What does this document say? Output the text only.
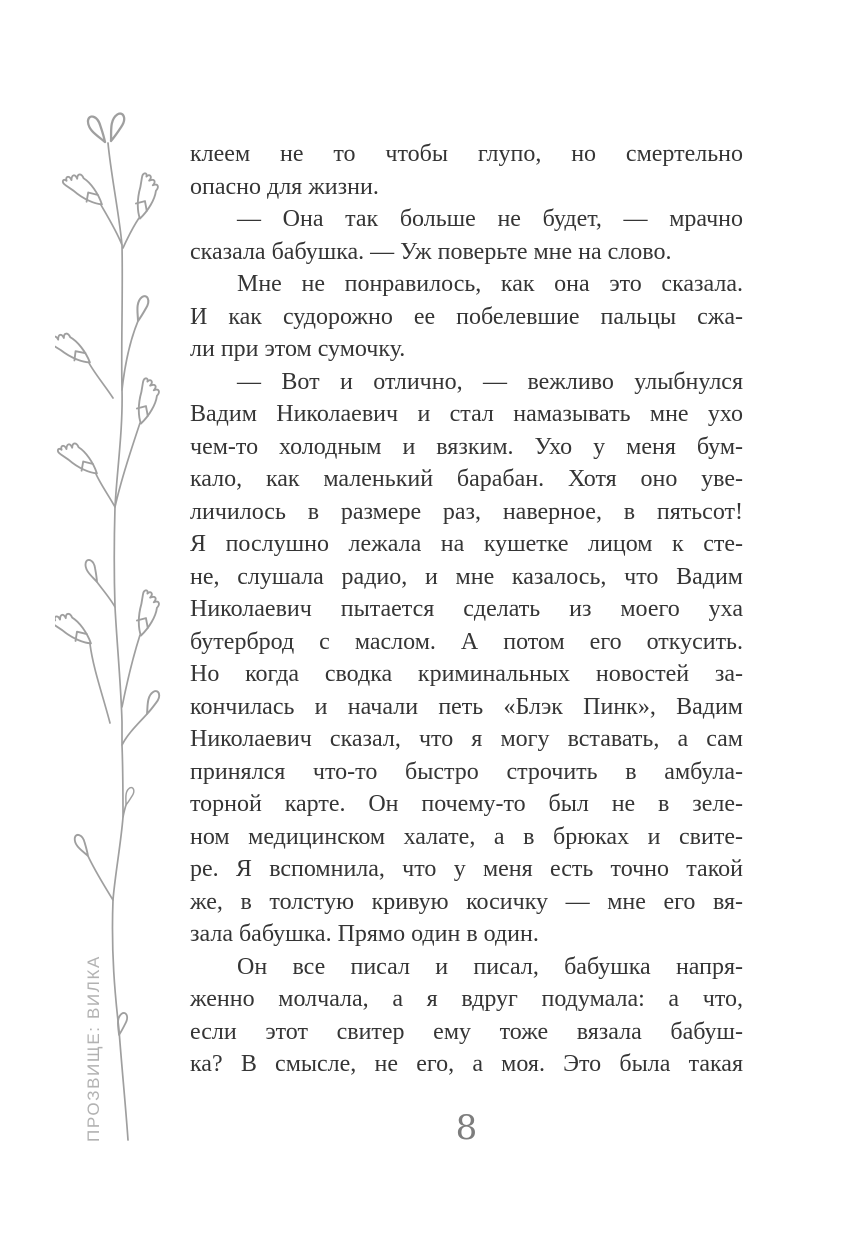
ПРОЗВИЩЕ: ВИЛКА
клеем не то чтобы глупо, но смертельно
опасно для жизни.
— Она так больше не будет, — мрачно
сказала бабушка. — Уж поверьте мне на слово.
Мне не понравилось, как она это сказала.
И как судорожно ее побелевшие пальцы сжа-
ли при этом сумочку.
— Вот и отлично, — вежливо улыбнулся
Вадим Николаевич и стал намазывать мне ухо
чем-то холодным и вязким. Ухо у меня бум-
кало, как маленький барабан. Хотя оно уве-
личилось в размере раз, наверное, в пятьсот!
Я послушно лежала на кушетке лицом к сте-
не, слушала радио, и мне казалось, что Вадим
Николаевич пытается сделать из моего уха
бутерброд с маслом. А потом его откусить.
Но когда сводка криминальных новостей за-
кончилась и начали петь «Блэк Пинк», Вадим
Николаевич сказал, что я могу вставать, а сам
принялся что-то быстро строчить в амбула-
торной карте. Он почему-то был не в зеле-
ном медицинском халате, а в брюках и свите-
ре. Я вспомнила, что у меня есть точно такой
же, в толстую кривую косичку — мне его вя-
зала бабушка. Прямо один в один.
Он все писал и писал, бабушка напря-
женно молчала, а я вдруг подумала: а что,
если этот свитер ему тоже вязала бабуш-
ка? В смысле, не его, а моя. Это была такая
8
